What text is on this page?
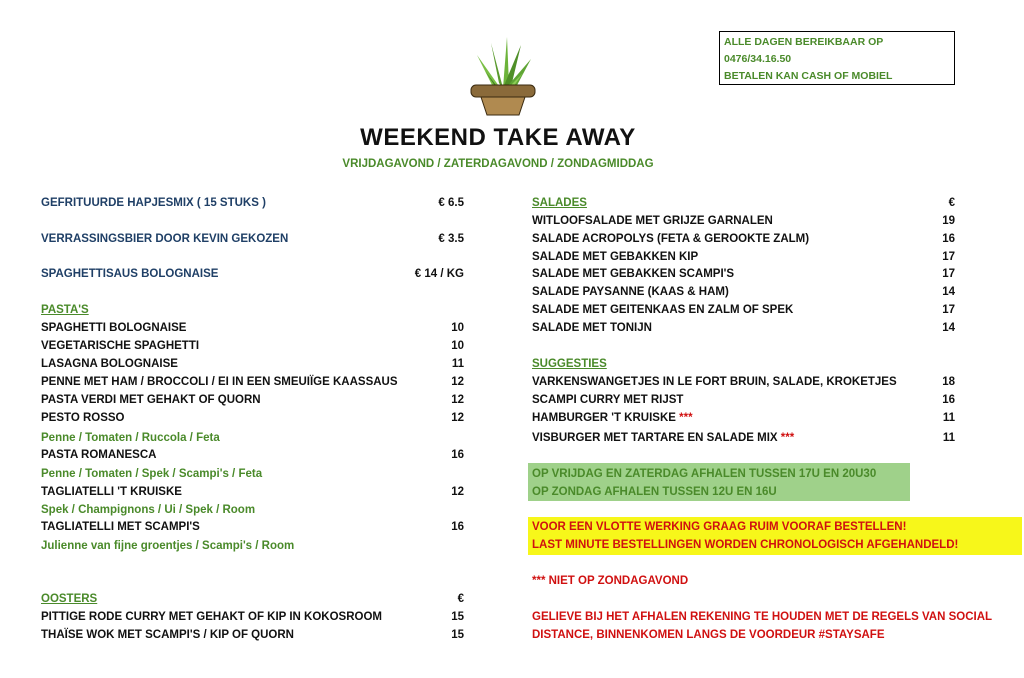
ALLE DAGEN BEREIKBAAR OP
0476/34.16.50
BETALEN KAN CASH OF MOBIEL
WEEKEND TAKE AWAY
VRIJDAGAVOND / ZATERDAGAVOND / ZONDAGMIDDAG
GEFRITUURDE HAPJESMIX ( 15 STUKS )	€ 6.5
VERRASSINGSBIER DOOR KEVIN GEKOZEN	€ 3.5
SPAGHETTISAUS BOLOGNAISE	€ 14 / KG
PASTA'S
SPAGHETTI BOLOGNAISE	10
VEGETARISCHE SPAGHETTI	10
LASAGNA BOLOGNAISE	11
PENNE MET HAM / BROCCOLI / EI IN EEN SMEUIÏGE KAASSAUS	12
PASTA VERDI MET GEHAKT OF QUORN	12
PESTO ROSSO	12
Penne / Tomaten / Ruccola / Feta
PASTA ROMANESCA	16
Penne / Tomaten / Spek / Scampi's / Feta
TAGLIATELLI 'T KRUISKE	12
Spek / Champignons / Ui / Spek / Room
TAGLIATELLI MET SCAMPI'S	16
Julienne van fijne groentjes / Scampi's / Room
OOSTERS	€
PITTIGE RODE CURRY MET GEHAKT OF KIP IN KOKOSROOM	15
THAÏSE WOK MET SCAMPI'S / KIP OF QUORN	15
SALADES	€
WITLOOFSALADE MET GRIJZE GARNALEN	19
SALADE ACROPOLYS (FETA & GEROOKTE ZALM)	16
SALADE MET GEBAKKEN KIP	17
SALADE MET GEBAKKEN SCAMPI'S	17
SALADE PAYSANNE (KAAS & HAM)	14
SALADE MET GEITENKAAS EN ZALM OF SPEK	17
SALADE MET TONIJN	14
SUGGESTIES
VARKENSWANGETJES IN LE FORT BRUIN, SALADE, KROKETJES	18
SCAMPI CURRY MET RIJST	16
HAMBURGER 'T KRUISKE ***	11
VISBURGER MET TARTARE EN SALADE MIX ***	11
OP VRIJDAG EN ZATERDAG AFHALEN TUSSEN 17U EN 20U30
OP ZONDAG AFHALEN TUSSEN 12U EN 16U
VOOR EEN VLOTTE WERKING GRAAG RUIM VOORAF BESTELLEN!
LAST MINUTE BESTELLINGEN WORDEN CHRONOLOGISCH AFGEHANDELD!
*** NIET OP ZONDAGAVOND
GELIEVE BIJ HET AFHALEN REKENING TE HOUDEN MET DE REGELS VAN SOCIAL
DISTANCE, BINNENKOMEN LANGS DE VOORDEUR #STAYSAFE
